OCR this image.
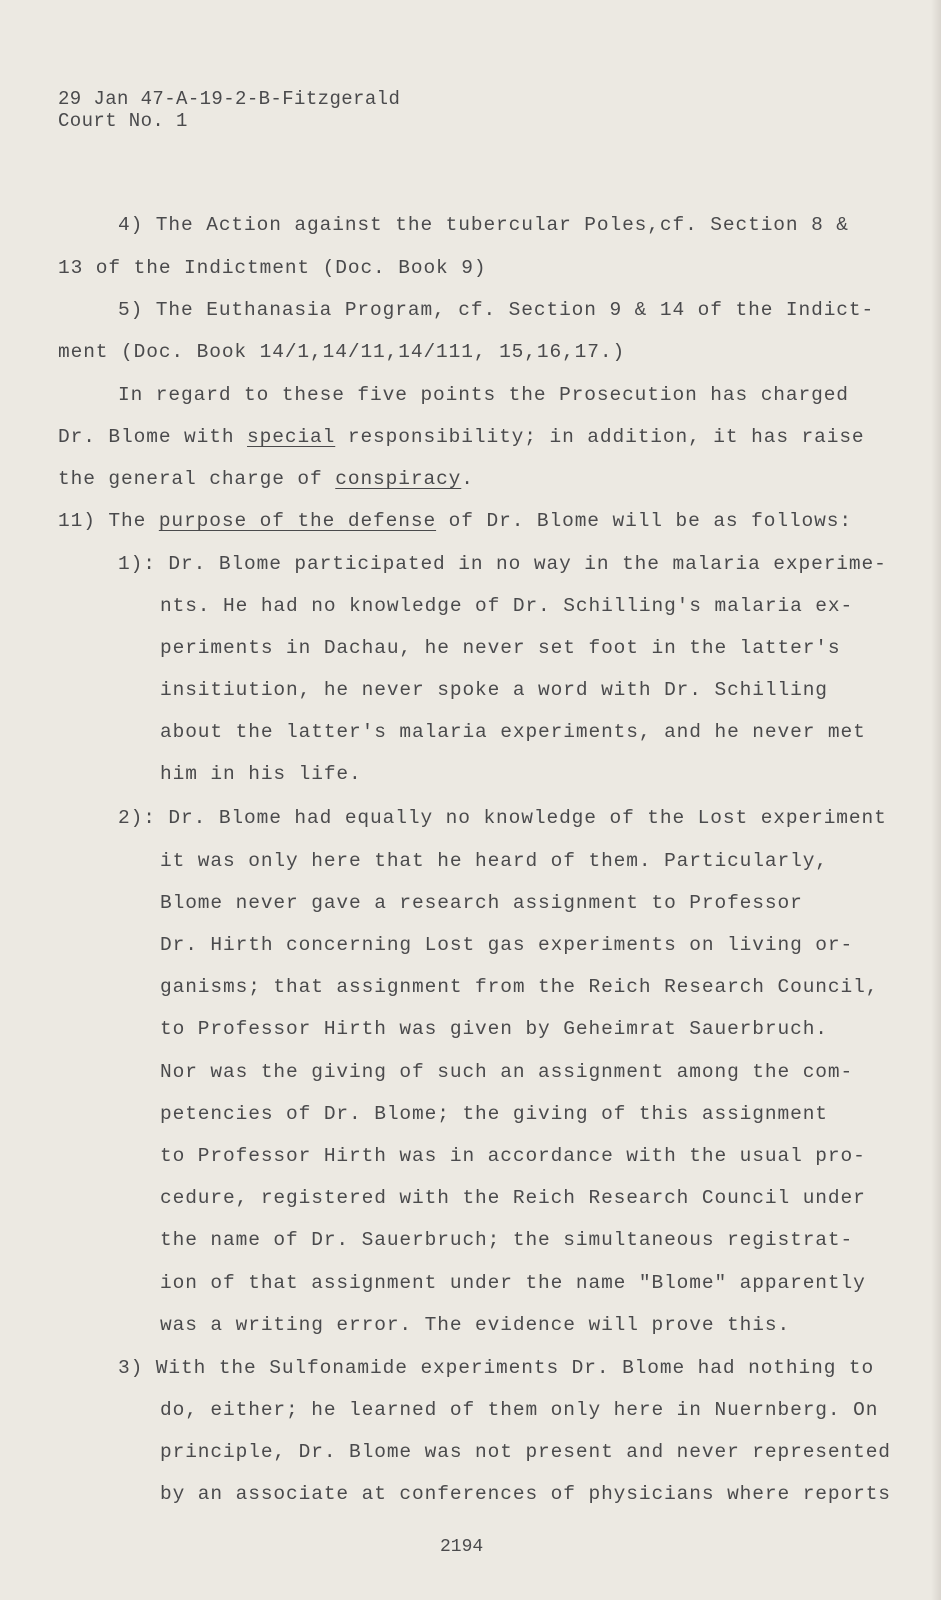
29 Jan 47-A-19-2-B-Fitzgerald
Court No. 1
4) The Action against the tubercular Poles,cf. Section 8 &
13 of the Indictment (Doc. Book 9)
5) The Euthanasia Program, cf. Section 9 & 14 of the Indict-
ment (Doc. Book 14/1,14/11,14/111, 15,16,17.)
In regard to these five points the Prosecution has charged
Dr. Blome with special responsibility; in addition, it has raise
the general charge of conspiracy.
11) The purpose of the defense of Dr. Blome will be as follows:
1): Dr. Blome participated in no way in the malaria experime-
nts. He had no knowledge of Dr. Schilling's malaria ex-
periments in Dachau, he never set foot in the latter's
insitiution, he never spoke a word with Dr. Schilling
about the latter's malaria experiments, and he never met
him in his life.
2): Dr. Blome had equally no knowledge of the Lost experiment
it was only here that he heard of them. Particularly,
Blome never gave a research assignment to Professor
Dr. Hirth concerning Lost gas experiments on living or-
ganisms; that assignment from the Reich Research Council,
to Professor Hirth was given by Geheimrat Sauerbruch.
Nor was the giving of such an assignment among the com-
petencies of Dr. Blome; the giving of this assignment
to Professor Hirth was in accordance with the usual pro-
cedure, registered with the Reich Research Council under
the name of Dr. Sauerbruch; the simultaneous registrat-
ion of that assignment under the name "Blome" apparently
was a writing error. The evidence will prove this.
3) With the Sulfonamide experiments Dr. Blome had nothing to
do, either; he learned of them only here in Nuernberg. On
principle, Dr. Blome was not present and never represented
by an associate at conferences of physicians where reports
2194
